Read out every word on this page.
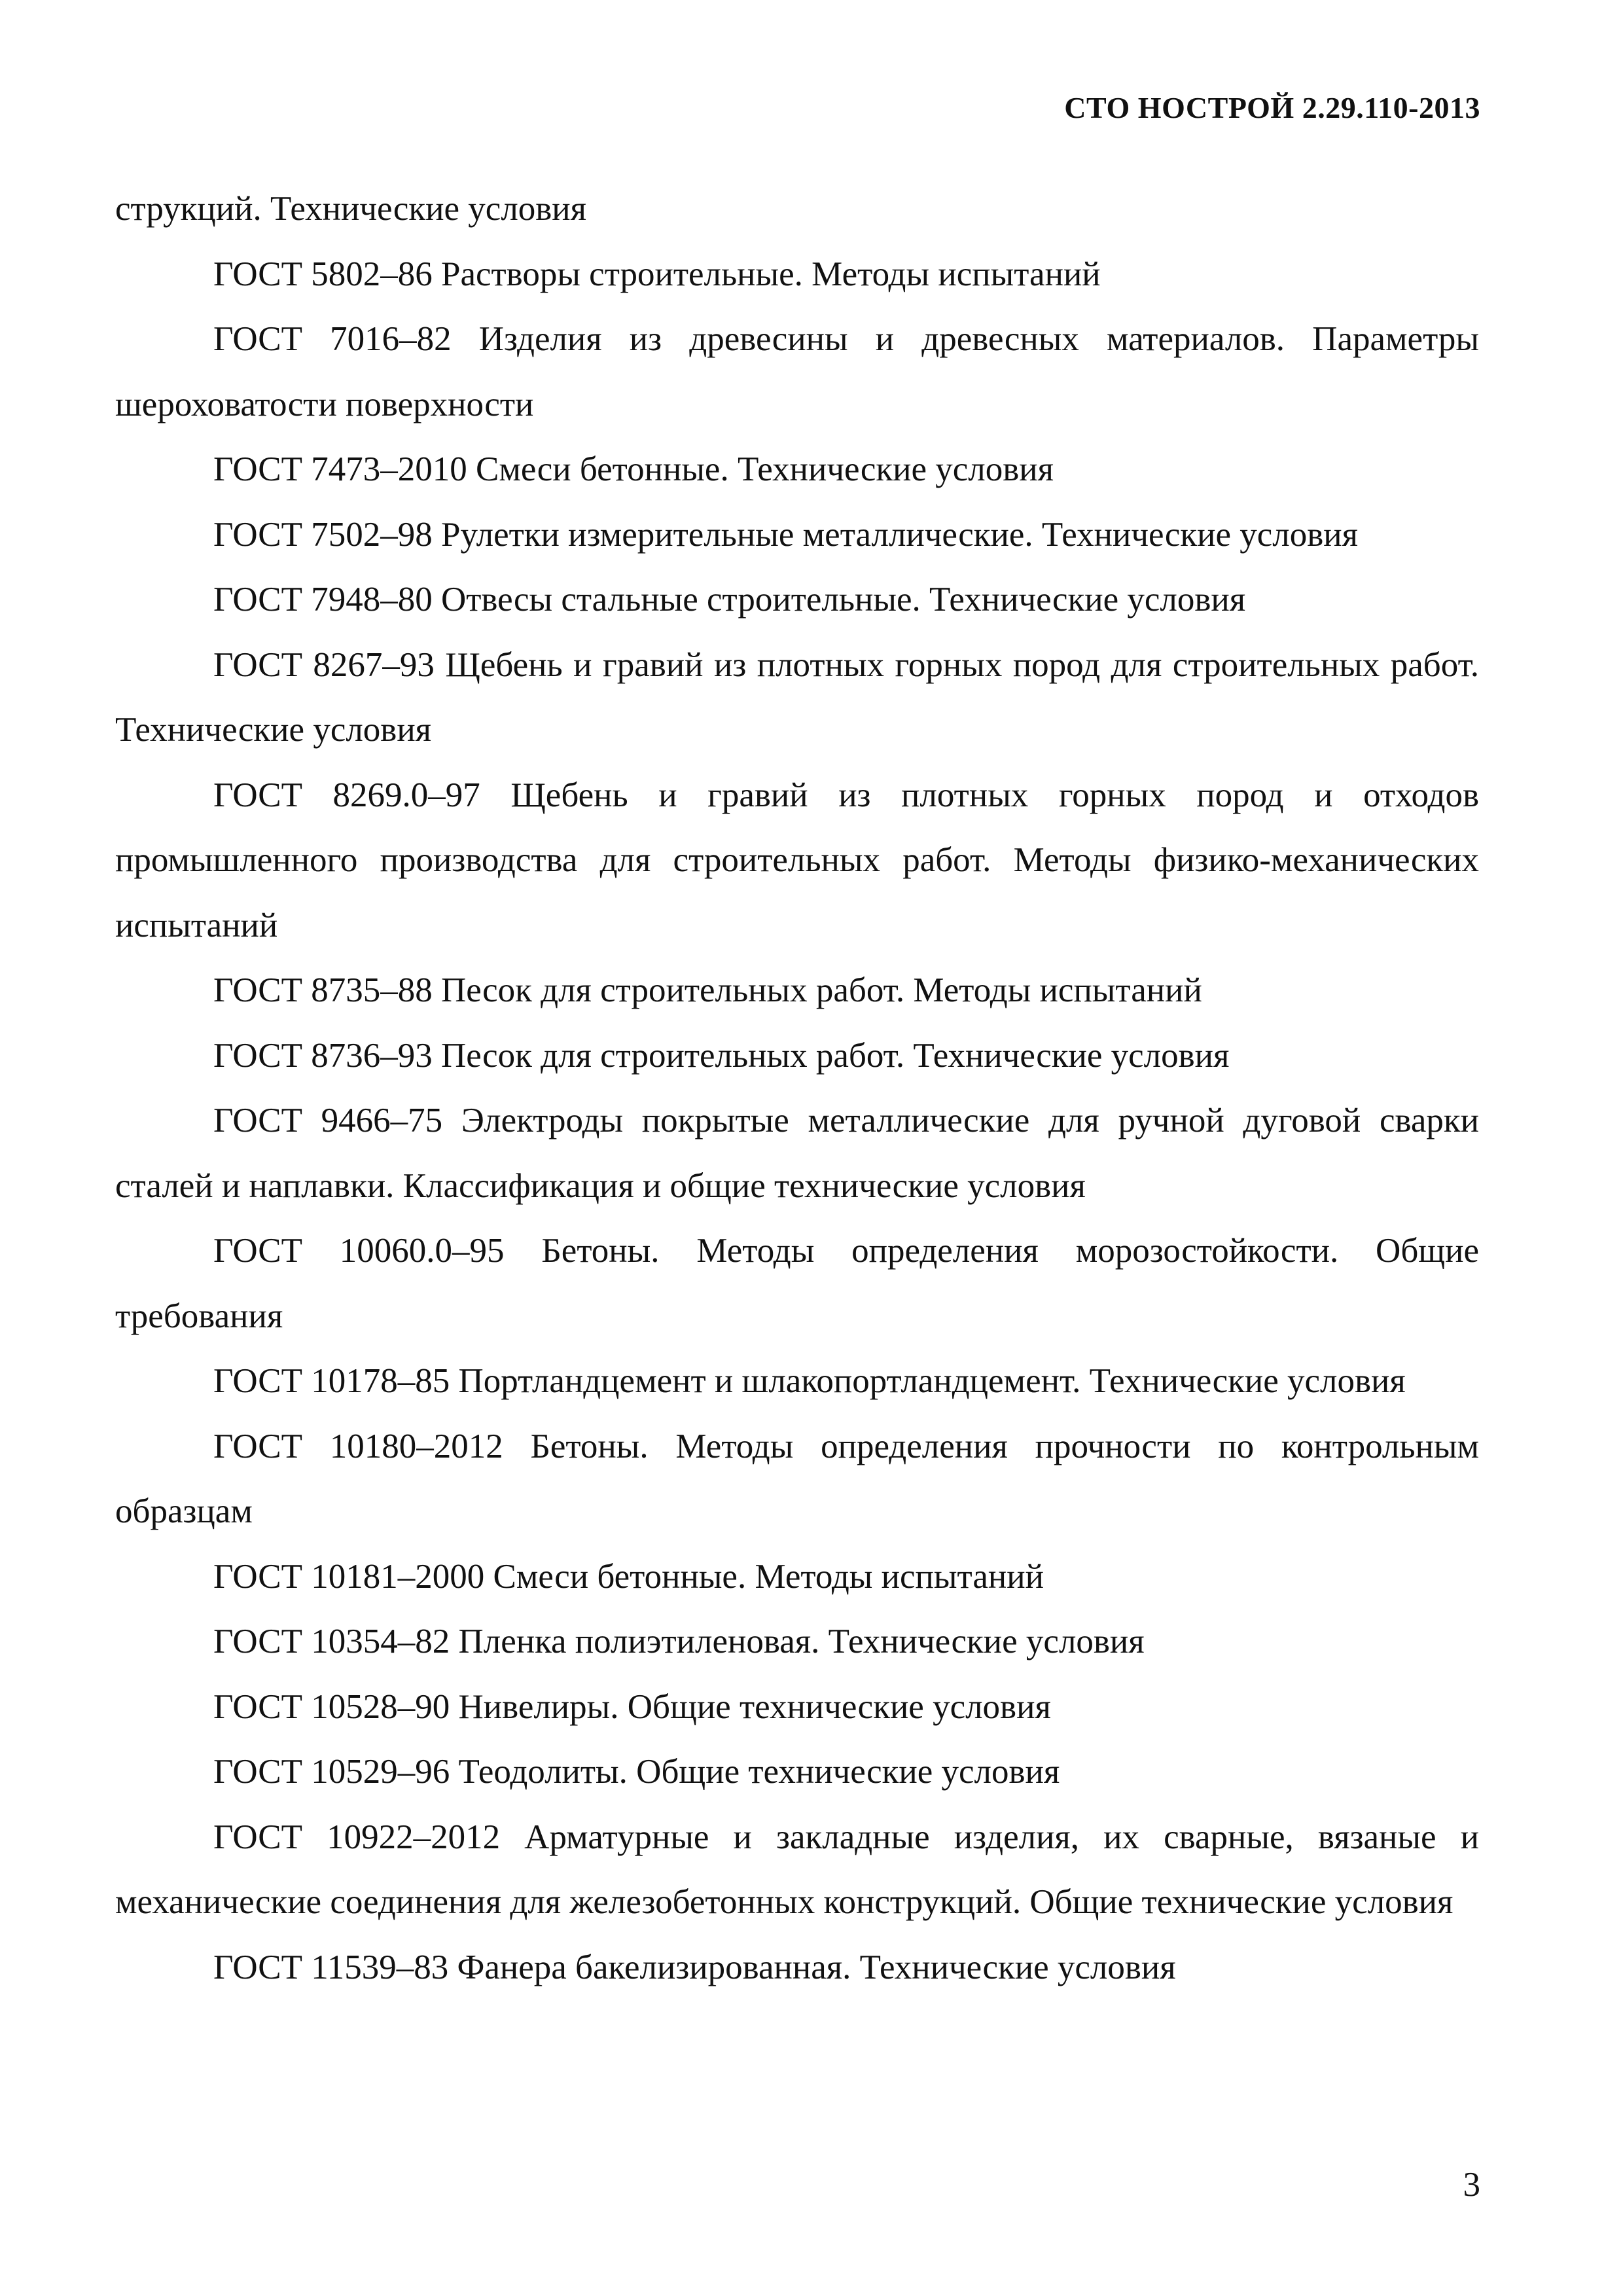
СТО НОСТРОЙ 2.29.110-2013

струкций. Технические условия

ГОСТ 5802–86 Растворы строительные. Методы испытаний

ГОСТ 7016–82 Изделия из древесины и древесных материалов. Параметры шероховатости поверхности

ГОСТ 7473–2010 Смеси бетонные. Технические условия

ГОСТ 7502–98 Рулетки измерительные металлические. Технические условия

ГОСТ 7948–80 Отвесы стальные строительные. Технические условия

ГОСТ 8267–93 Щебень и гравий из плотных горных пород для строительных работ. Технические условия

ГОСТ 8269.0–97 Щебень и гравий из плотных горных пород и отходов промышленного производства для строительных работ. Методы физико-механических испытаний

ГОСТ 8735–88 Песок для строительных работ. Методы испытаний

ГОСТ 8736–93 Песок для строительных работ. Технические условия

ГОСТ 9466–75 Электроды покрытые металлические для ручной дуговой сварки сталей и наплавки. Классификация и общие технические условия

ГОСТ 10060.0–95 Бетоны. Методы определения морозостойкости. Общие требования

ГОСТ 10178–85 Портландцемент и шлакопортландцемент. Технические условия

ГОСТ 10180–2012 Бетоны. Методы определения прочности по контрольным образцам

ГОСТ 10181–2000 Смеси бетонные. Методы испытаний

ГОСТ 10354–82 Пленка полиэтиленовая. Технические условия

ГОСТ 10528–90 Нивелиры. Общие технические условия

ГОСТ 10529–96 Теодолиты. Общие технические условия

ГОСТ 10922–2012 Арматурные и закладные изделия, их сварные, вязаные и механические соединения для железобетонных конструкций. Общие технические условия

ГОСТ 11539–83 Фанера бакелизированная. Технические условия

3
